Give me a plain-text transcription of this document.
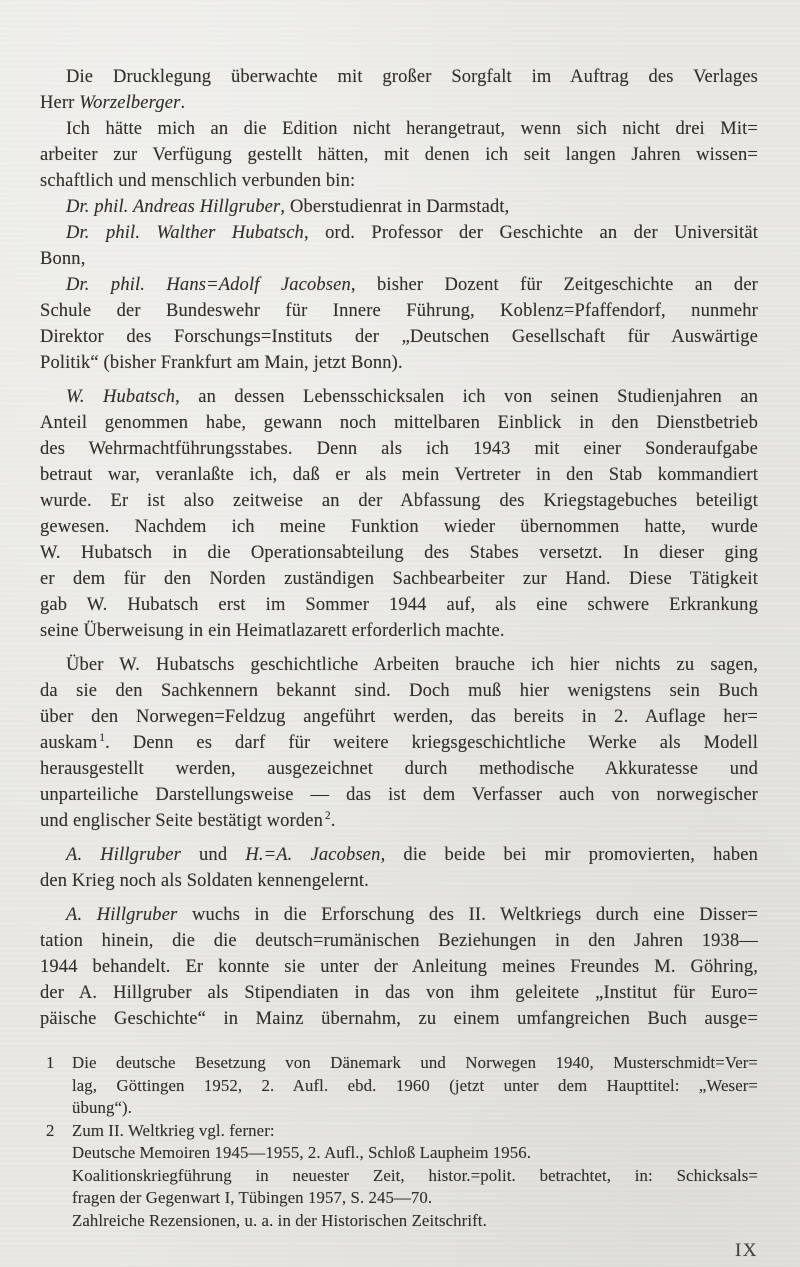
Die Drucklegung überwachte mit großer Sorgfalt im Auftrag des Verlages
Herr Worzelberger.
Ich hätte mich an die Edition nicht herangetraut, wenn sich nicht drei Mit=
arbeiter zur Verfügung gestellt hätten, mit denen ich seit langen Jahren wissen=
schaftlich und menschlich verbunden bin:
Dr. phil. Andreas Hillgruber, Oberstudienrat in Darmstadt,
Dr. phil. Walther Hubatsch, ord. Professor der Geschichte an der Universität
Bonn,
Dr. phil. Hans=Adolf Jacobsen, bisher Dozent für Zeitgeschichte an der
Schule der Bundeswehr für Innere Führung, Koblenz=Pfaffendorf, nunmehr
Direktor des Forschungs=Instituts der „Deutschen Gesellschaft für Auswärtige
Politik“ (bisher Frankfurt am Main, jetzt Bonn).
W. Hubatsch, an dessen Lebensschicksalen ich von seinen Studienjahren an
Anteil genommen habe, gewann noch mittelbaren Einblick in den Dienstbetrieb
des Wehrmachtführungsstabes. Denn als ich 1943 mit einer Sonderaufgabe
betraut war, veranlaßte ich, daß er als mein Vertreter in den Stab kommandiert
wurde. Er ist also zeitweise an der Abfassung des Kriegstagebuches beteiligt
gewesen. Nachdem ich meine Funktion wieder übernommen hatte, wurde
W. Hubatsch in die Operationsabteilung des Stabes versetzt. In dieser ging
er dem für den Norden zuständigen Sachbearbeiter zur Hand. Diese Tätigkeit
gab W. Hubatsch erst im Sommer 1944 auf, als eine schwere Erkrankung
seine Überweisung in ein Heimatlazarett erforderlich machte.
Über W. Hubatschs geschichtliche Arbeiten brauche ich hier nichts zu sagen,
da sie den Sachkennern bekannt sind. Doch muß hier wenigstens sein Buch
über den Norwegen=Feldzug angeführt werden, das bereits in 2. Auflage her=
auskam $^1$. Denn es darf für weitere kriegsgeschichtliche Werke als Modell
herausgestellt werden, ausgezeichnet durch methodische Akkuratesse und
unparteiliche Darstellungsweise — das ist dem Verfasser auch von norwegischer
und englischer Seite bestätigt worden $^2$.
A. Hillgruber und H.=A. Jacobsen, die beide bei mir promovierten, haben
den Krieg noch als Soldaten kennengelernt.
A. Hillgruber wuchs in die Erforschung des II. Weltkriegs durch eine Disser=
tation hinein, die die deutsch=rumänischen Beziehungen in den Jahren 1938—
1944 behandelt. Er konnte sie unter der Anleitung meines Freundes M. Göhring,
der A. Hillgruber als Stipendiaten in das von ihm geleitete „Institut für Euro=
päische Geschichte“ in Mainz übernahm, zu einem umfangreichen Buch ausge=
1 Die deutsche Besetzung von Dänemark und Norwegen 1940, Musterschmidt=Ver=
lag, Göttingen 1952, 2. Aufl. ebd. 1960 (jetzt unter dem Haupttitel: „Weser=
übung“).
2 Zum II. Weltkrieg vgl. ferner:
Deutsche Memoiren 1945—1955, 2. Aufl., Schloß Laupheim 1956.
Koalitionskriegführung in neuester Zeit, histor.=polit. betrachtet, in: Schicksals=
fragen der Gegenwart I, Tübingen 1957, S. 245—70.
Zahlreiche Rezensionen, u. a. in der Historischen Zeitschrift.
IX
